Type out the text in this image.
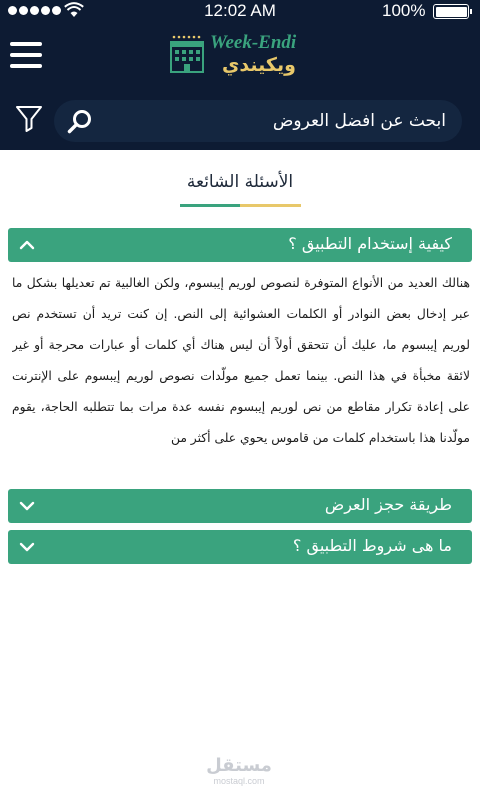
12:02 AM	100%
Week-Endi
ويكيندي
ابحث عن افضل العروض
الأسئلة الشائعة
كيفية إستخدام التطبيق ؟
هنالك العديد من الأنواع المتوفرة لنصوص لوريم إيبسوم، ولكن الغالبية تم تعديلها بشكل ما عبر إدخال بعض النوادر أو الكلمات العشوائية إلى النص. إن كنت تريد أن تستخدم نص لوريم إيبسوم ما، عليك أن تتحقق أولاً أن ليس هناك أي كلمات أو عبارات محرجة أو غير لائقة مخبأة في هذا النص. بينما تعمل جميع مولّدات نصوص لوريم إيبسوم على الإنترنت على إعادة تكرار مقاطع من نص لوريم إيبسوم نفسه عدة مرات بما تتطلبه الحاجة، يقوم مولّدنا هذا باستخدام كلمات من قاموس يحوي على أكثر من
طريقة حجز العرض
ما هى شروط التطبيق ؟
مستقل
mostaql.com
